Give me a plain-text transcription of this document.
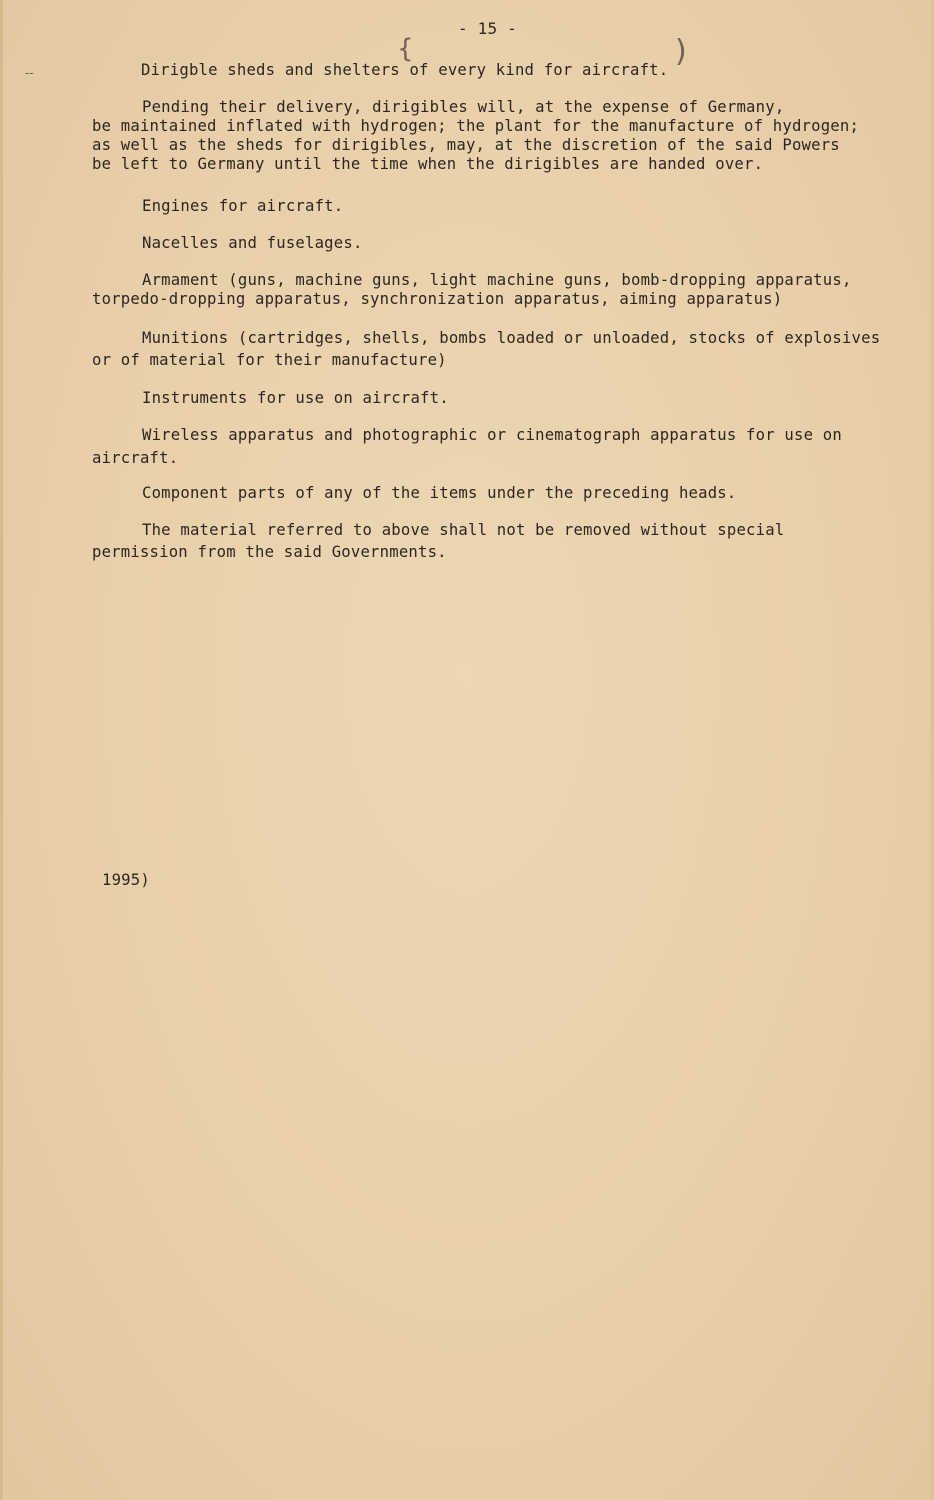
- 15 -
{	)
--	Dirigble sheds and shelters of every kind for aircraft.
Pending their delivery, dirigibles will, at the expense of Germany,
be maintained inflated with hydrogen; the plant for the manufacture of hydrogen;
as well as the sheds for dirigibles, may, at the discretion of the said Powers
be left to Germany until the time when the dirigibles are handed over.
Engines for aircraft.
Nacelles and fuselages.
Armament (guns, machine guns, light machine guns, bomb-dropping apparatus,
torpedo-dropping apparatus, synchronization apparatus, aiming apparatus)
Munitions (cartridges, shells, bombs loaded or unloaded, stocks of explosives
or of material for their manufacture)
Instruments for use on aircraft.
Wireless apparatus and photographic or cinematograph apparatus for use on
aircraft.
Component parts of any of the items under the preceding heads.
The material referred to above shall not be removed without special
permission from the said Governments.
1995)
